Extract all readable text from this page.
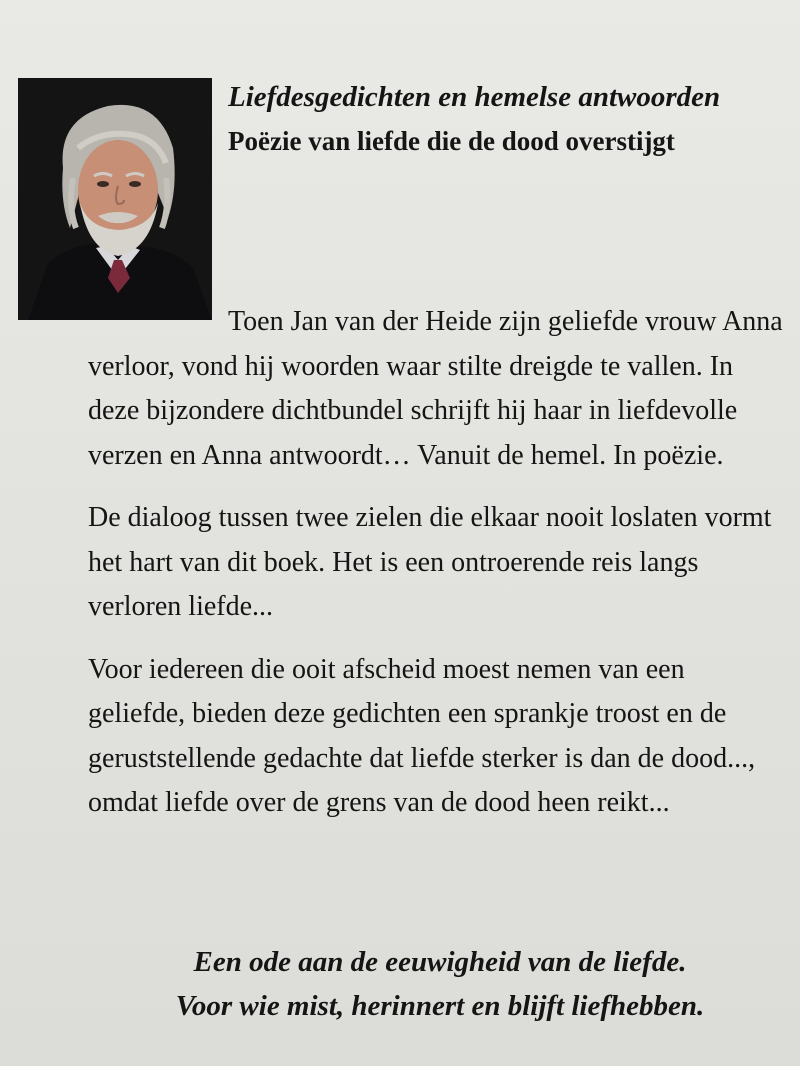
Liefdesgedichten en hemelse antwoorden
Poëzie van liefde die de dood overstijgt

Toen Jan van der Heide zijn geliefde vrouw Anna verloor, vond hij woorden waar stilte dreigde te vallen. In deze bijzondere dichtbundel schrijft hij haar in liefdevolle verzen en Anna antwoordt… Vanuit de hemel. In poëzie.

De dialoog tussen twee zielen die elkaar nooit loslaten vormt het hart van dit boek. Het is een ontroerende reis langs verloren liefde...

Voor iedereen die ooit afscheid moest nemen van een geliefde, bieden deze gedichten een sprankje troost en de geruststellende gedachte dat liefde sterker is dan de dood..., omdat liefde over de grens van de dood heen reikt...

Een ode aan de eeuwigheid van de liefde.
Voor wie mist, herinnert en blijft liefhebben.
